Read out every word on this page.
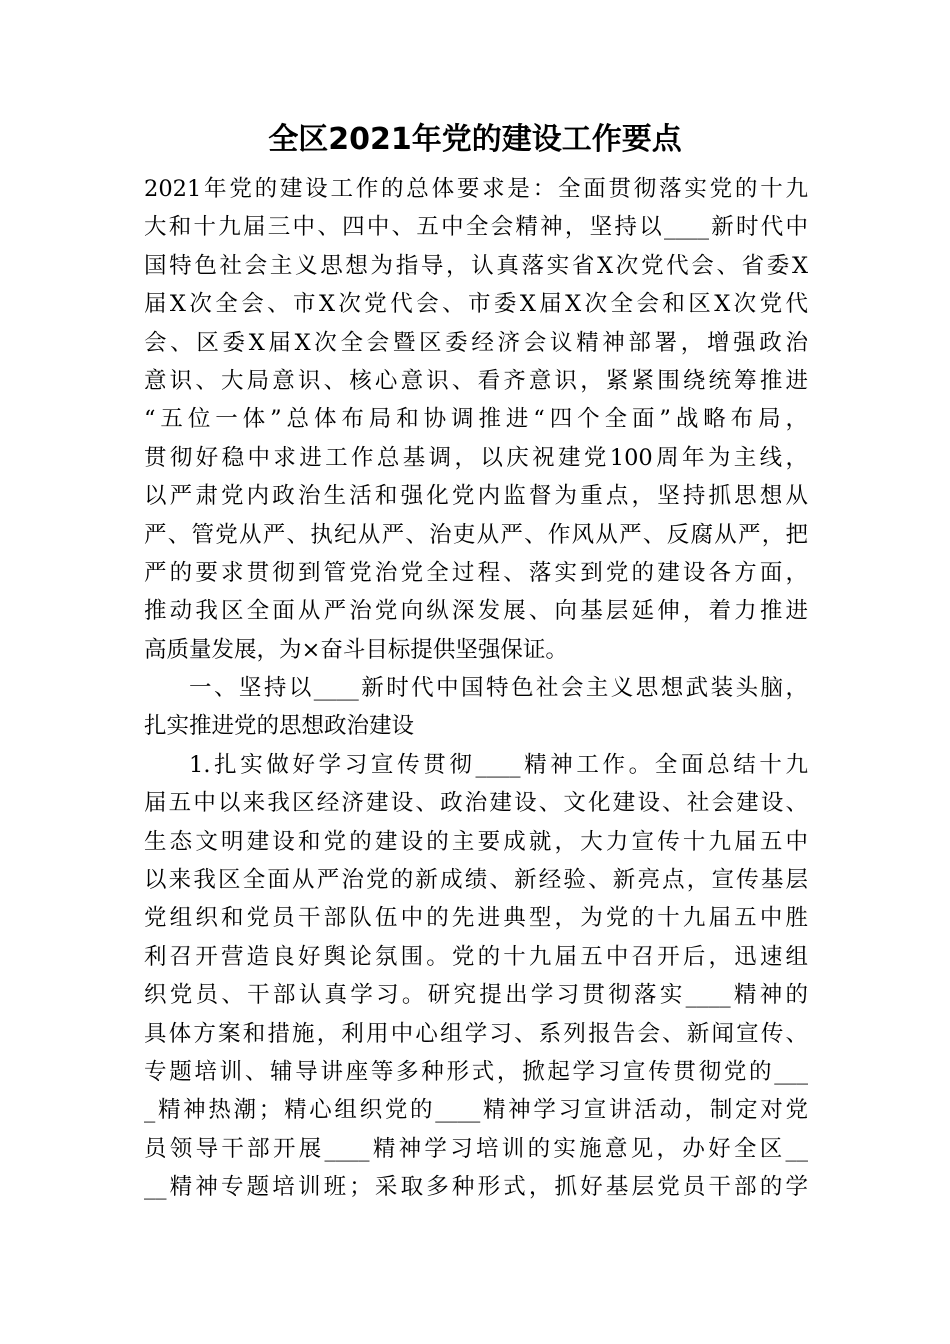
全区2021年党的建设工作要点
2021年党的建设工作的总体要求是：全面贯彻落实党的十九
大和十九届三中、四中、五中全会精神，坚持以____新时代中
国特色社会主义思想为指导，认真落实省X次党代会、省委X
届X次全会、市X次党代会、市委X届X次全会和区X次党代
会、区委X届X次全会暨区委经济会议精神部署，增强政治
意识、大局意识、核心意识、看齐意识，紧紧围绕统筹推进
“五位一体”总体布局和协调推进“四个全面”战略布局，
贯彻好稳中求进工作总基调，以庆祝建党100周年为主线，
以严肃党内政治生活和强化党内监督为重点，坚持抓思想从
严、管党从严、执纪从严、治吏从严、作风从严、反腐从严，把
严的要求贯彻到管党治党全过程、落实到党的建设各方面，
推动我区全面从严治党向纵深发展、向基层延伸，着力推进
高质量发展，为×奋斗目标提供坚强保证。
一、坚持以____新时代中国特色社会主义思想武装头脑，
扎实推进党的思想政治建设
1.扎实做好学习宣传贯彻____精神工作。全面总结十九
届五中以来我区经济建设、政治建设、文化建设、社会建设、
生态文明建设和党的建设的主要成就，大力宣传十九届五中
以来我区全面从严治党的新成绩、新经验、新亮点，宣传基层
党组织和党员干部队伍中的先进典型，为党的十九届五中胜
利召开营造良好舆论氛围。党的十九届五中召开后，迅速组
织党员、干部认真学习。研究提出学习贯彻落实____精神的
具体方案和措施，利用中心组学习、系列报告会、新闻宣传、
专题培训、辅导讲座等多种形式，掀起学习宣传贯彻党的___
_精神热潮；精心组织党的____精神学习宣讲活动，制定对党
员领导干部开展____精神学习培训的实施意见，办好全区__
__精神专题培训班；采取多种形式，抓好基层党员干部的学
